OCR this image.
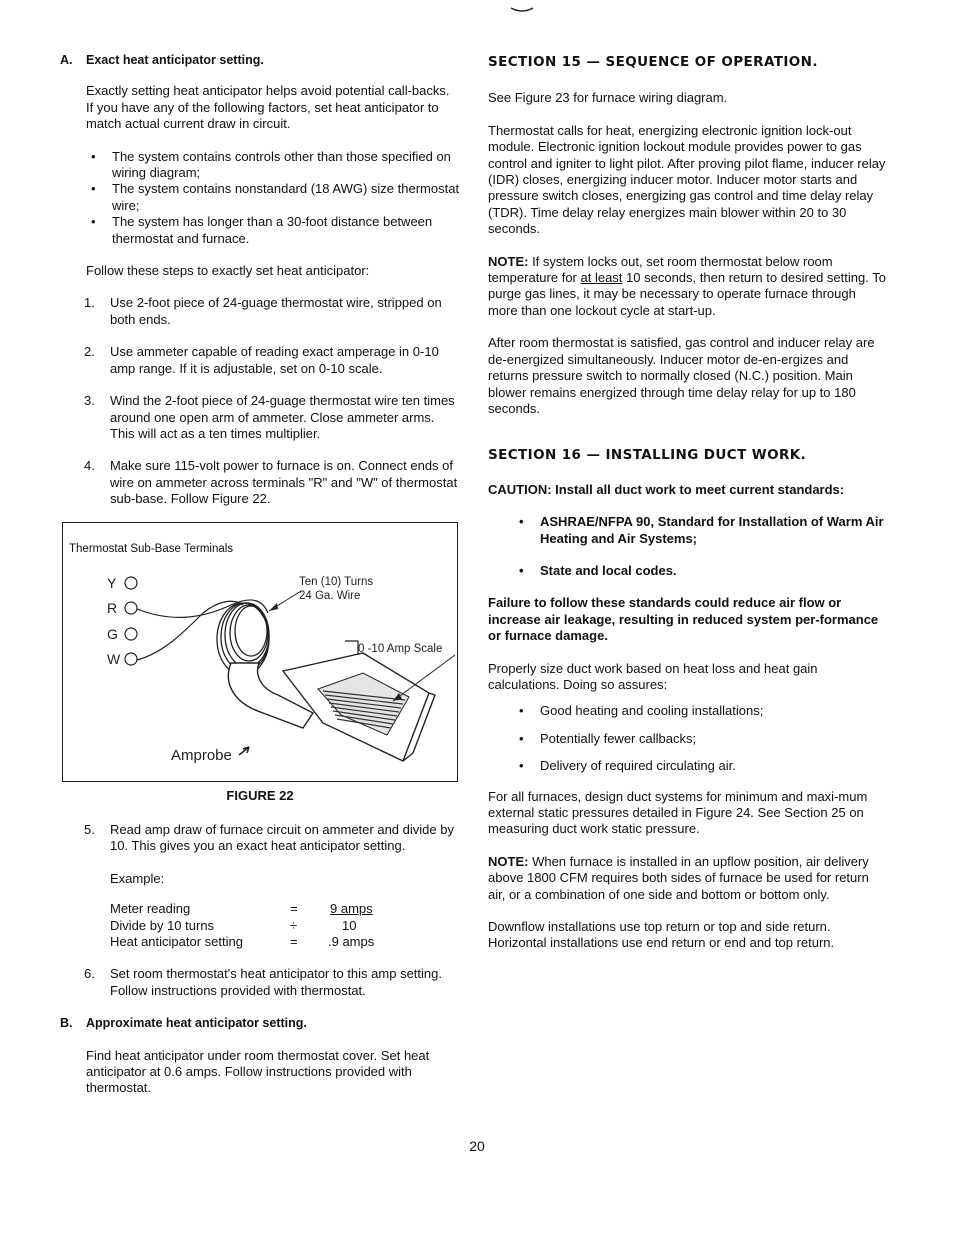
A. Exact heat anticipator setting.

Exactly setting heat anticipator helps avoid potential call-backs. If you have any of the following factors, set heat anticipator to match actual current draw in circuit.

• The system contains controls other than those specified on wiring diagram;
• The system contains nonstandard (18 AWG) size thermostat wire;
• The system has longer than a 30-foot distance between thermostat and furnace.

Follow these steps to exactly set heat anticipator:

1. Use 2-foot piece of 24-guage thermostat wire, stripped on both ends.
2. Use ammeter capable of reading exact amperage in 0-10 amp range. If it is adjustable, set on 0-10 scale.
3. Wind the 2-foot piece of 24-guage thermostat wire ten times around one open arm of ammeter. Close ammeter arms. This will act as a ten times multiplier.
4. Make sure 115-volt power to furnace is on. Connect ends of wire on ammeter across terminals "R" and "W" of thermostat sub-base. Follow Figure 22.
Thermostat Sub-Base Terminals
Y
R
G
W
Ten (10) Turns
24 Ga. Wire
0 -10 Amp Scale
Amprobe

FIGURE 22

5. Read amp draw of furnace circuit on ammeter and divide by 10. This gives you an exact heat anticipator setting.

Example:

Meter reading	=	9 amps
Divide by 10 turns	÷	10
Heat anticipator setting	=	.9 amps
6. Set room thermostat's heat anticipator to this amp setting. Follow instructions provided with thermostat.

B. Approximate heat anticipator setting.

Find heat anticipator under room thermostat cover. Set heat anticipator at 0.6 amps. Follow instructions provided with thermostat.

SECTION 15 — SEQUENCE OF OPERATION.

See Figure 23 for furnace wiring diagram.

Thermostat calls for heat, energizing electronic ignition lock-out module. Electronic ignition lockout module provides power to gas control and igniter to light pilot. After proving pilot flame, inducer relay (IDR) closes, energizing inducer motor. Inducer motor starts and pressure switch closes, energizing gas control and time delay relay (TDR). Time delay relay energizes main blower within 20 to 30 seconds.

NOTE: If system locks out, set room thermostat below room temperature for at least 10 seconds, then return to desired setting. To purge gas lines, it may be necessary to operate furnace through more than one lockout cycle at start-up.

After room thermostat is satisfied, gas control and inducer relay are de-energized simultaneously. Inducer motor de-en-ergizes and returns pressure switch to normally closed (N.C.) position. Main blower remains energized through time delay relay for up to 180 seconds.

SECTION 16 — INSTALLING DUCT WORK.

CAUTION: Install all duct work to meet current standards:

• ASHRAE/NFPA 90, Standard for Installation of Warm Air Heating and Air Systems;
• State and local codes.

Failure to follow these standards could reduce air flow or increase air leakage, resulting in reduced system per-formance or furnace damage.

Properly size duct work based on heat loss and heat gain calculations. Doing so assures:

• Good heating and cooling installations;
• Potentially fewer callbacks;
• Delivery of required circulating air.

For all furnaces, design duct systems for minimum and maxi-mum external static pressures detailed in Figure 24. See Section 25 on measuring duct work static pressure.

NOTE: When furnace is installed in an upflow position, air delivery above 1800 CFM requires both sides of furnace be used for return air, or a combination of one side and bottom or bottom only.

Downflow installations use top return or top and side return. Horizontal installations use end return or end and top return.

20
